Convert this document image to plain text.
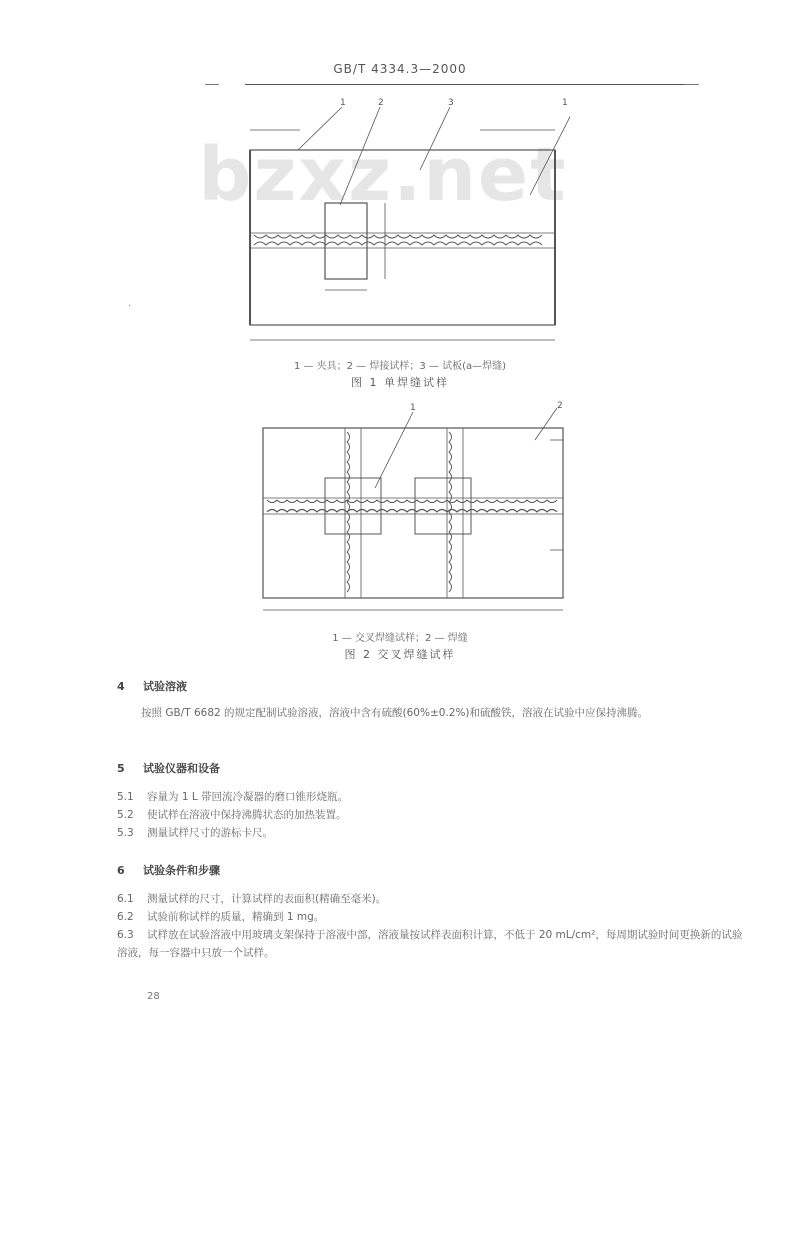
GB/T 4334.3—2000
bzxz.net
1	2	3	1
1 — 夹具；2 — 焊接试样；3 — 试板(a—焊缝)
图 1 单焊缝试样
.
1	2
1 — 交叉焊缝试样；2 — 焊缝
图 2 交叉焊缝试样
4 试验溶液
按照 GB/T 6682 的规定配制试验溶液，溶液中含有硫酸(60%±0.2%)和硫酸铁，溶液在试验中应保持沸腾。
5 试验仪器和设备
5.1 容量为 1 L 带回流冷凝器的磨口锥形烧瓶。
5.2 使试样在溶液中保持沸腾状态的加热装置。
5.3 测量试样尺寸的游标卡尺。
6 试验条件和步骤
6.1 测量试样的尺寸，计算试样的表面积(精确至毫米)。
6.2 试验前称试样的质量，精确到 1 mg。
6.3 试样放在试验溶液中用玻璃支架保持于溶液中部，溶液量按试样表面积计算，不低于 20 mL/cm²，每周期试验时间更换新的试验溶液，每一容器中只放一个试样。
28
